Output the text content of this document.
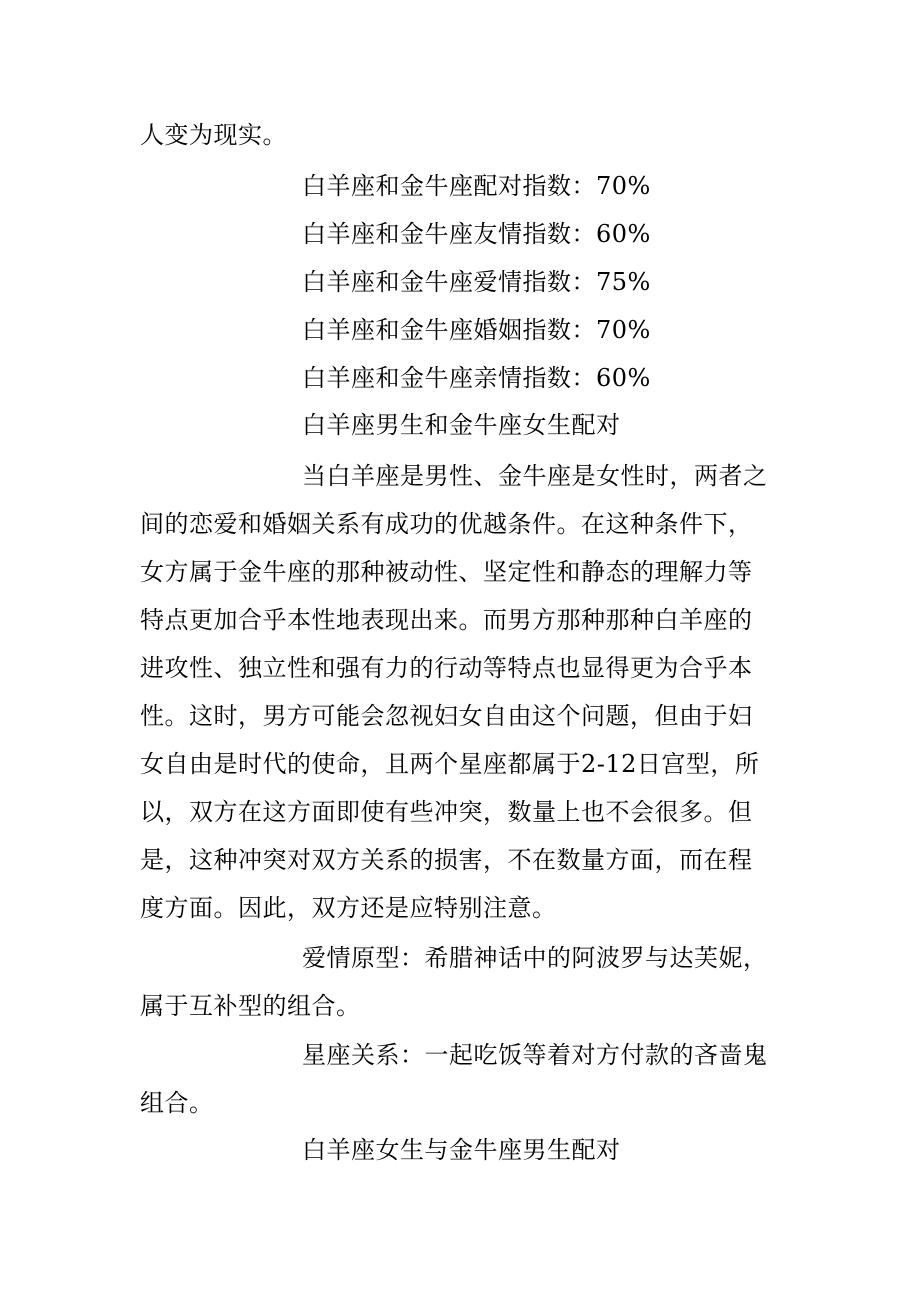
人变为现实。
白羊座和金牛座配对指数：70%
白羊座和金牛座友情指数：60%
白羊座和金牛座爱情指数：75%
白羊座和金牛座婚姻指数：70%
白羊座和金牛座亲情指数：60%
白羊座男生和金牛座女生配对
当白羊座是男性、金牛座是女性时，两者之
间的恋爱和婚姻关系有成功的优越条件。在这种条件下，
女方属于金牛座的那种被动性、坚定性和静态的理解力等
特点更加合乎本性地表现出来。而男方那种那种白羊座的
进攻性、独立性和强有力的行动等特点也显得更为合乎本
性。这时，男方可能会忽视妇女自由这个问题，但由于妇
女自由是时代的使命，且两个星座都属于2-12日宫型，所
以，双方在这方面即使有些冲突，数量上也不会很多。但
是，这种冲突对双方关系的损害，不在数量方面，而在程
度方面。因此，双方还是应特别注意。
爱情原型：希腊神话中的阿波罗与达芙妮，
属于互补型的组合。
星座关系：一起吃饭等着对方付款的吝啬鬼
组合。
白羊座女生与金牛座男生配对
